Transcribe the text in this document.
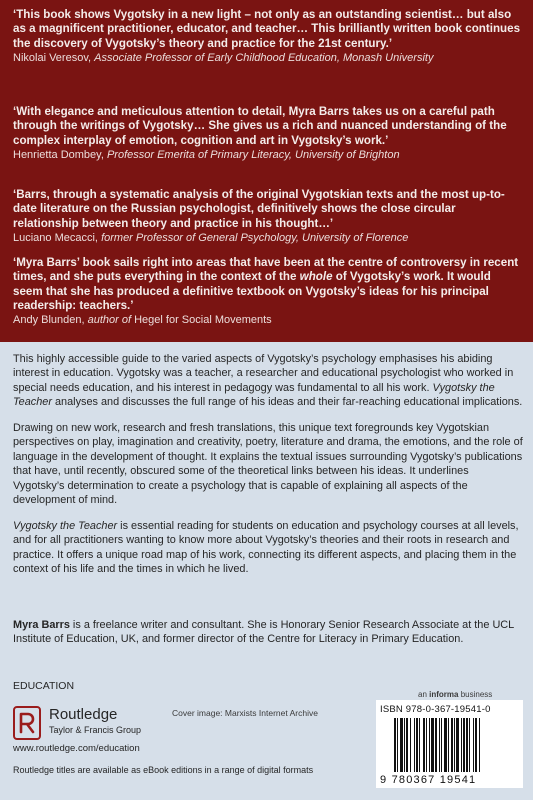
‘This book shows Vygotsky in a new light – not only as an outstanding scientist… but also as a magnificent practitioner, educator, and teacher… This brilliantly written book continues the discovery of Vygotsky’s theory and practice for the 21st century.’
Nikolai Veresov, Associate Professor of Early Childhood Education, Monash University
‘With elegance and meticulous attention to detail, Myra Barrs takes us on a careful path through the writings of Vygotsky… She gives us a rich and nuanced understanding of the complex interplay of emotion, cognition and art in Vygotsky’s work.’
Henrietta Dombey, Professor Emerita of Primary Literacy, University of Brighton
‘Barrs, through a systematic analysis of the original Vygotskian texts and the most up-to-date literature on the Russian psychologist, definitively shows the close circular relationship between theory and practice in his thought…’
Luciano Mecacci, former Professor of General Psychology, University of Florence
‘Myra Barrs’ book sails right into areas that have been at the centre of controversy in recent times, and she puts everything in the context of the whole of Vygotsky’s work. It would seem that she has produced a definitive textbook on Vygotsky’s ideas for his principal readership: teachers.’
Andy Blunden, author of Hegel for Social Movements
This highly accessible guide to the varied aspects of Vygotsky’s psychology emphasises his abiding interest in education. Vygotsky was a teacher, a researcher and educational psychologist who worked in special needs education, and his interest in pedagogy was fundamental to all his work. Vygotsky the Teacher analyses and discusses the full range of his ideas and their far-reaching educational implications.
Drawing on new work, research and fresh translations, this unique text foregrounds key Vygotskian perspectives on play, imagination and creativity, poetry, literature and drama, the emotions, and the role of language in the development of thought. It explains the textual issues surrounding Vygotsky’s publications that have, until recently, obscured some of the theoretical links between his ideas. It underlines Vygotsky’s determination to create a psychology that is capable of explaining all aspects of the development of mind.
Vygotsky the Teacher is essential reading for students on education and psychology courses at all levels, and for all practitioners wanting to know more about Vygotsky’s theories and their roots in research and practice. It offers a unique road map of his work, connecting its different aspects, and placing them in the context of his life and the times in which he lived.
Myra Barrs is a freelance writer and consultant. She is Honorary Senior Research Associate at the UCL Institute of Education, UK, and former director of the Centre for Literacy in Primary Education.
EDUCATION
Cover image: Marxists Internet Archive
Routledge
Taylor & Francis Group
www.routledge.com/education
Routledge titles are available as eBook editions in a range of digital formats
an informa business
ISBN 978-0-367-19541-0
9 780367 19541
